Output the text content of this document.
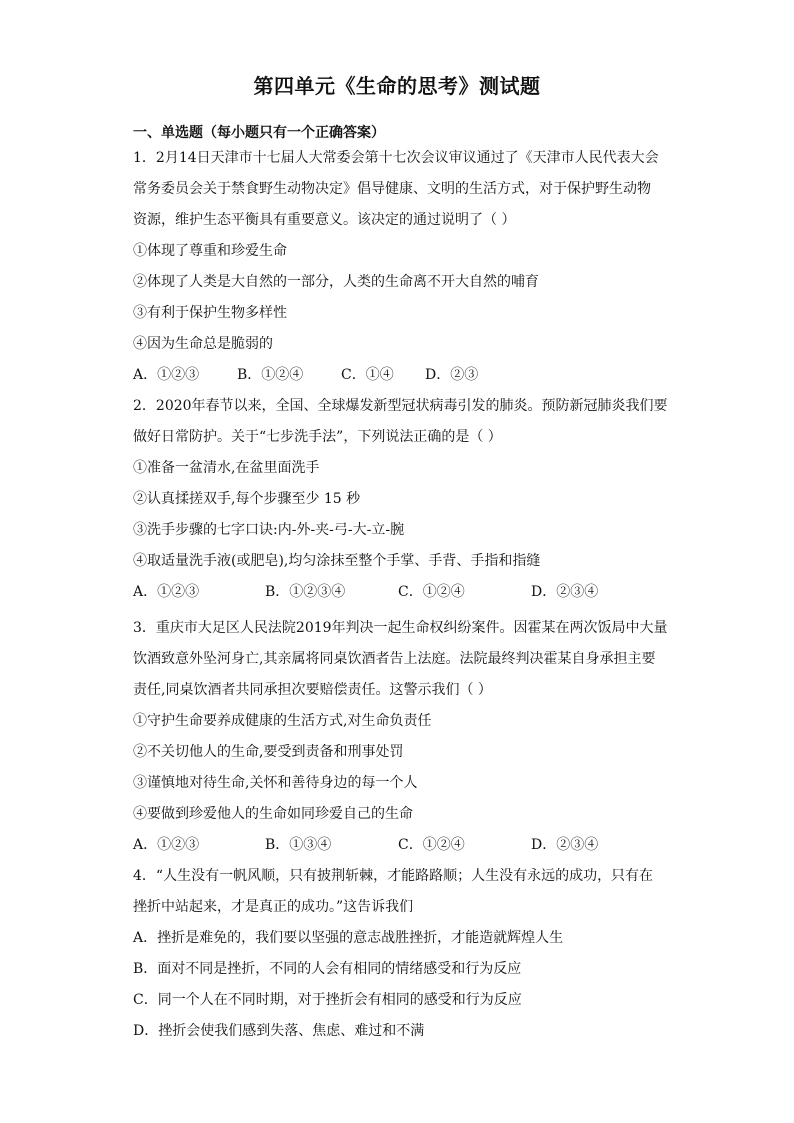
第四单元《生命的思考》测试题
一、单选题（每小题只有一个正确答案）
1．2月14日天津市十七届人大常委会第十七次会议审议通过了《天津市人民代表大会
常务委员会关于禁食野生动物决定》倡导健康、文明的生活方式，对于保护野生动物
资源，维护生态平衡具有重要意义。该决定的通过说明了（ ）
①体现了尊重和珍爱生命
②体现了人类是大自然的一部分，人类的生命离不开大自然的哺育
③有利于保护生物多样性
④因为生命总是脆弱的
A．①②③	B．①②④	C．①④ D．②③
2．2020年春节以来，全国、全球爆发新型冠状病毒引发的肺炎。预防新冠肺炎我们要
做好日常防护。关于“七步洗手法”，下列说法正确的是（ ）
①准备一盆清水,在盆里面洗手
②认真揉搓双手,每个步骤至少 15 秒
③洗手步骤的七字口诀:内-外-夹-弓-大-立-腕
④取适量洗手液(或肥皂),均匀涂抹至整个手掌、手背、手指和指缝
A．①②③	B．①②③④	C．①②④	D．②③④
3．重庆市大足区人民法院2019年判决一起生命权纠纷案件。因霍某在两次饭局中大量
饮酒致意外坠河身亡,其亲属将同桌饮酒者告上法庭。法院最终判决霍某自身承担主要
责任,同桌饮酒者共同承担次要赔偿责任。这警示我们（ ）
①守护生命要养成健康的生活方式,对生命负责任
②不关切他人的生命,要受到责备和刑事处罚
③谨慎地对待生命,关怀和善待身边的每一个人
④要做到珍爱他人的生命如同珍爱自己的生命
A．①②③	B．①③④	C．①②④	D．②③④
4．“人生没有一帆风顺，只有披荆斩棘，才能路路顺；人生没有永远的成功，只有在
挫折中站起来，才是真正的成功。”这告诉我们
A．挫折是难免的，我们要以坚强的意志战胜挫折，才能造就辉煌人生
B．面对不同是挫折，不同的人会有相同的情绪感受和行为反应
C．同一个人在不同时期，对于挫折会有相同的感受和行为反应
D．挫折会使我们感到失落、焦虑、难过和不满
